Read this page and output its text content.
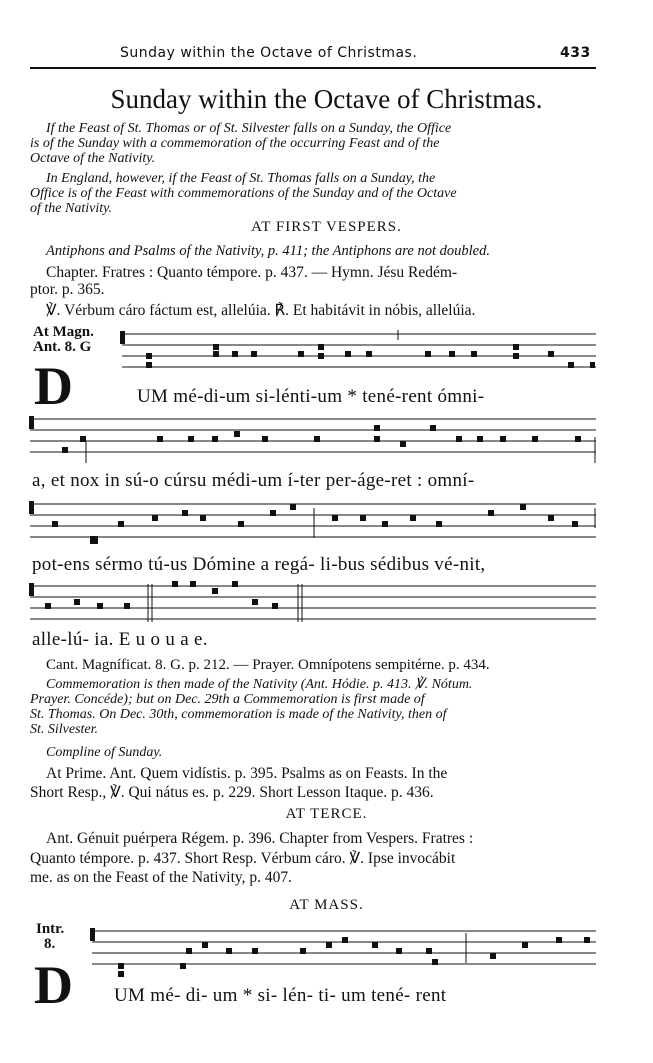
Sunday within the Octave of Christmas.	433
Sunday within the Octave of Christmas.
If the Feast of St. Thomas or of St. Silvester falls on a Sunday, the Office
is of the Sunday with a commemoration of the occurring Feast and of the
Octave of the Nativity.
In England, however, if the Feast of St. Thomas falls on a Sunday, the
Office is of the Feast with commemorations of the Sunday and of the Octave
of the Nativity.
AT FIRST VESPERS.
Antiphons and Psalms of the Nativity, p. 411; the Antiphons are not doubled.
Chapter. Fratres : Quanto témpore. p. 437. — Hymn. Jésu Redém-
ptor. p. 365.
℣. Vérbum cáro fáctum est, allelúia. ℟. Et habitávit in nóbis, allelúia.
At Magn.
Ant. 8. G
D	UM mé-di-um si-lénti-um * tené-rent ómni-
a, et nox in sú-o cúrsu médi-um í-ter per-áge-ret : omní-
pot-ens sérmo tú-us Dómine a regá- li-bus sédibus vé-nit,
alle-lú- ia. E u o u a e.
Cant. Magníficat. 8. G. p. 212. — Prayer. Omnípotens sempitérne. p. 434.
Commemoration is then made of the Nativity (Ant. Hódie. p. 413. ℣. Nótum.
Prayer. Concéde); but on Dec. 29th a Commemoration is first made of
St. Thomas. On Dec. 30th, commemoration is made of the Nativity, then of
St. Silvester.
Compline of Sunday.
At Prime. Ant. Quem vidístis. p. 395. Psalms as on Feasts. In the
Short Resp., ℣. Qui nátus es. p. 229. Short Lesson Itaque. p. 436.
AT TERCE.
Ant. Génuit puérpera Régem. p. 396. Chapter from Vespers. Fratres :
Quanto témpore. p. 437. Short Resp. Vérbum cáro. ℣. Ipse invocábit
me. as on the Feast of the Nativity, p. 407.
AT MASS.
Intr.
8.
D UM mé- di- um * si- lén- ti- um tené- rent
